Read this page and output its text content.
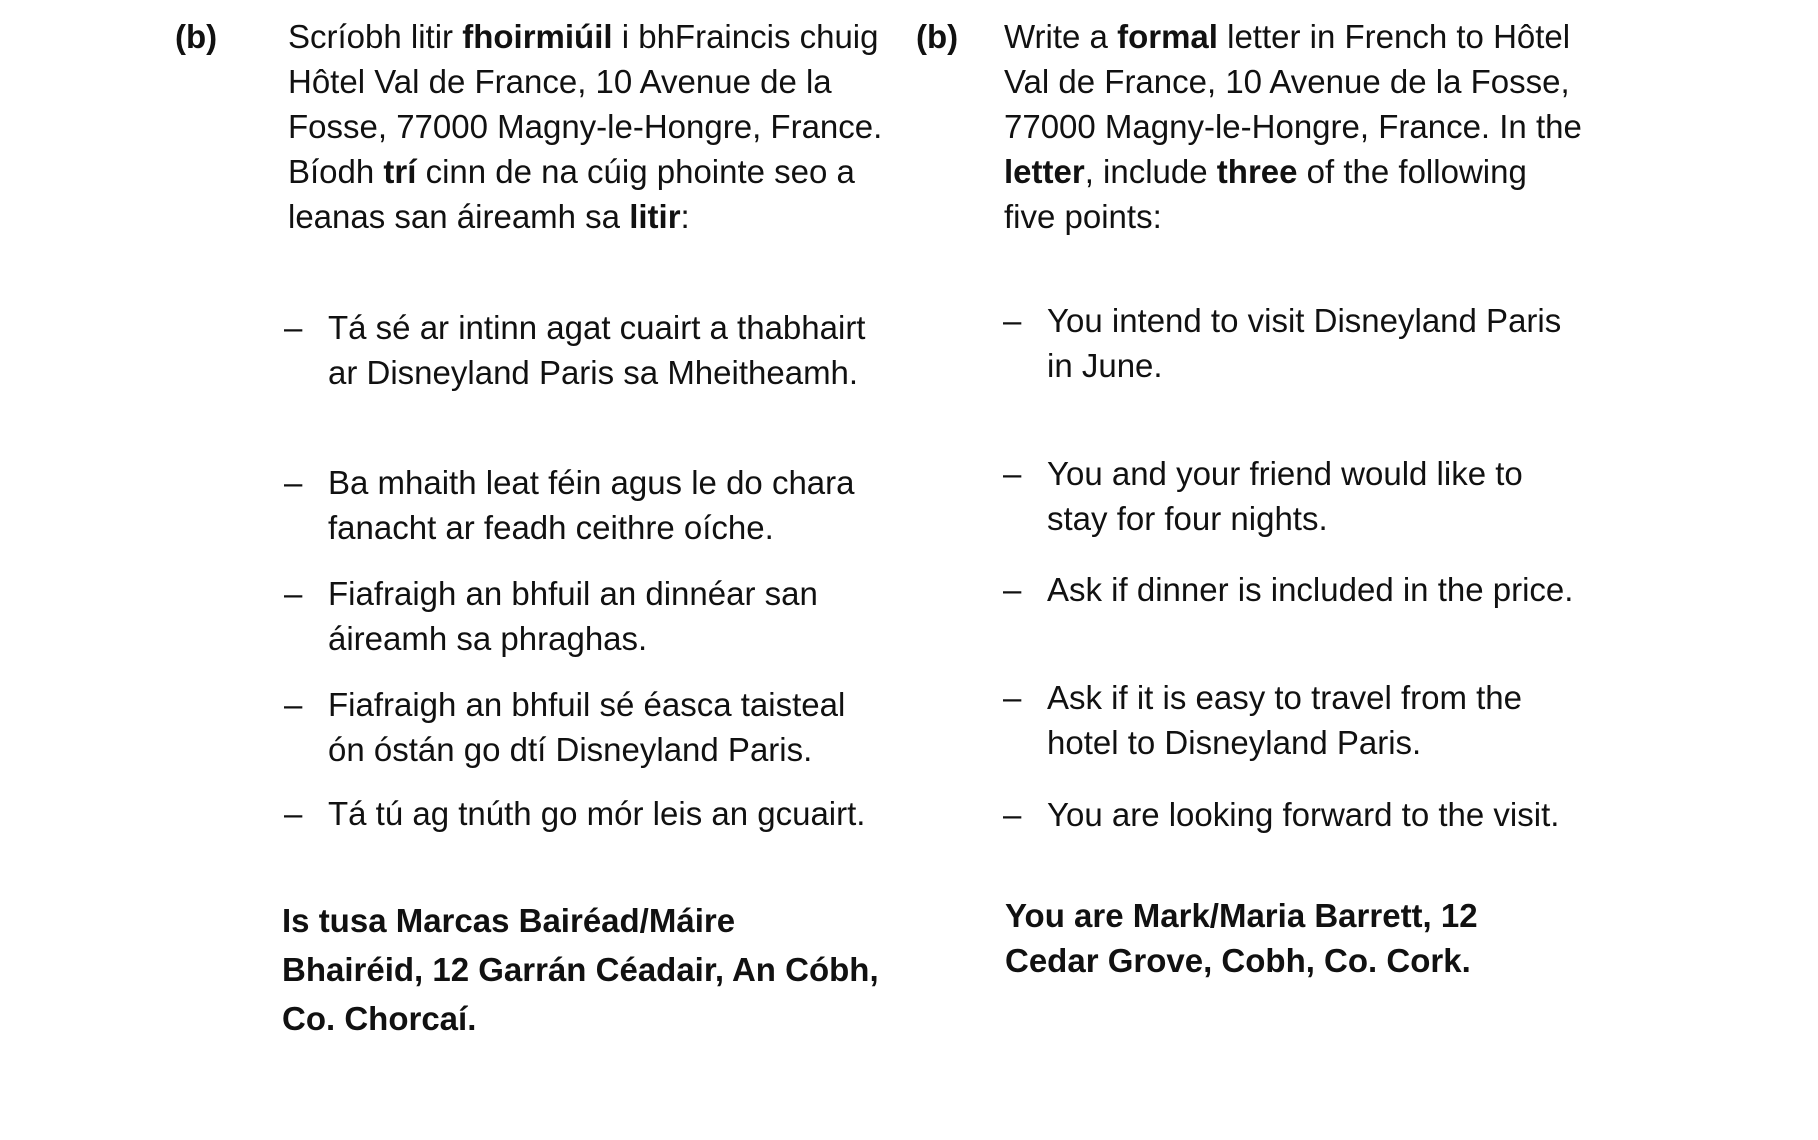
(b) Scríobh litir fhoirmiúil i bhFraincis chuig Hôtel Val de France, 10 Avenue de la Fosse, 77000 Magny-le-Hongre, France. Bíodh trí cinn de na cúig phointe seo a leanas san áireamh sa litir:
– Tá sé ar intinn agat cuairt a thabhairt ar Disneyland Paris sa Mheitheamh.
– Ba mhaith leat féin agus le do chara fanacht ar feadh ceithre oíche.
– Fiafraigh an bhfuil an dinnéar san áireamh sa phraghas.
– Fiafraigh an bhfuil sé éasca taisteal ón óstán go dtí Disneyland Paris.
– Tá tú ag tnúth go mór leis an gcuairt.
Is tusa Marcas Bairéad/Máire Bhairéid, 12 Garrán Céadair, An Cóbh, Co. Chorcaí.
(b) Write a formal letter in French to Hôtel Val de France, 10 Avenue de la Fosse, 77000 Magny-le-Hongre, France. In the letter, include three of the following five points:
– You intend to visit Disneyland Paris in June.
– You and your friend would like to stay for four nights.
– Ask if dinner is included in the price.
– Ask if it is easy to travel from the hotel to Disneyland Paris.
– You are looking forward to the visit.
You are Mark/Maria Barrett, 12 Cedar Grove, Cobh, Co. Cork.
